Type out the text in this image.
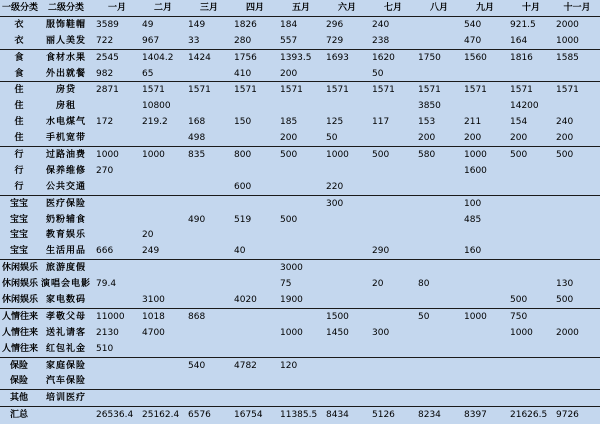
一级分类	二级分类	一月	二月	三月	四月	五月	六月	七月	八月	九月	十月	十一月
衣	服饰鞋帽	3589	49	149	1826	184	296	240		540	921.5	2000
衣	丽人美发	722	967	33	280	557	729	238		470	164	1000
食	食材水果	2545	1404.2	1424	1756	1393.5	1693	1620	1750	1560	1816	1585
食	外出就餐	982	65		410	200		50				
住	房贷	2871	1571	1571	1571	1571	1571	1571	1571	1571	1571	1571
住	房租		10800						3850		14200	
住	水电煤气	172	219.2	168	150	185	125	117	153	211	154	240
住	手机宽带			498		200	50		200	200	200	200
行	过路油费	1000	1000	835	800	500	1000	500	580	1000	500	500
行	保养维修	270								1600		
行	公共交通				600		220					
宝宝	医疗保险						300			100		
宝宝	奶粉辅食			490	519	500				485		
宝宝	教育娱乐		20									
宝宝	生活用品	666	249		40			290		160		
休闲娱乐	旅游度假					3000						
休闲娱乐	演唱会电影	79.4				75		20	80			130
休闲娱乐	家电数码		3100		4020	1900					500	500
人情往来	孝敬父母	11000	1018	868			1500		50	1000	750	
人情往来	送礼请客	2130	4700			1000	1450	300			1000	2000
人情往来	红包礼金	510										
保险	家庭保险			540	4782	120						
保险	汽车保险											
其他	培训医疗											
汇总		26536.4	25162.4	6576	16754	11385.5	8434	5126	8234	8397	21626.5	9726
